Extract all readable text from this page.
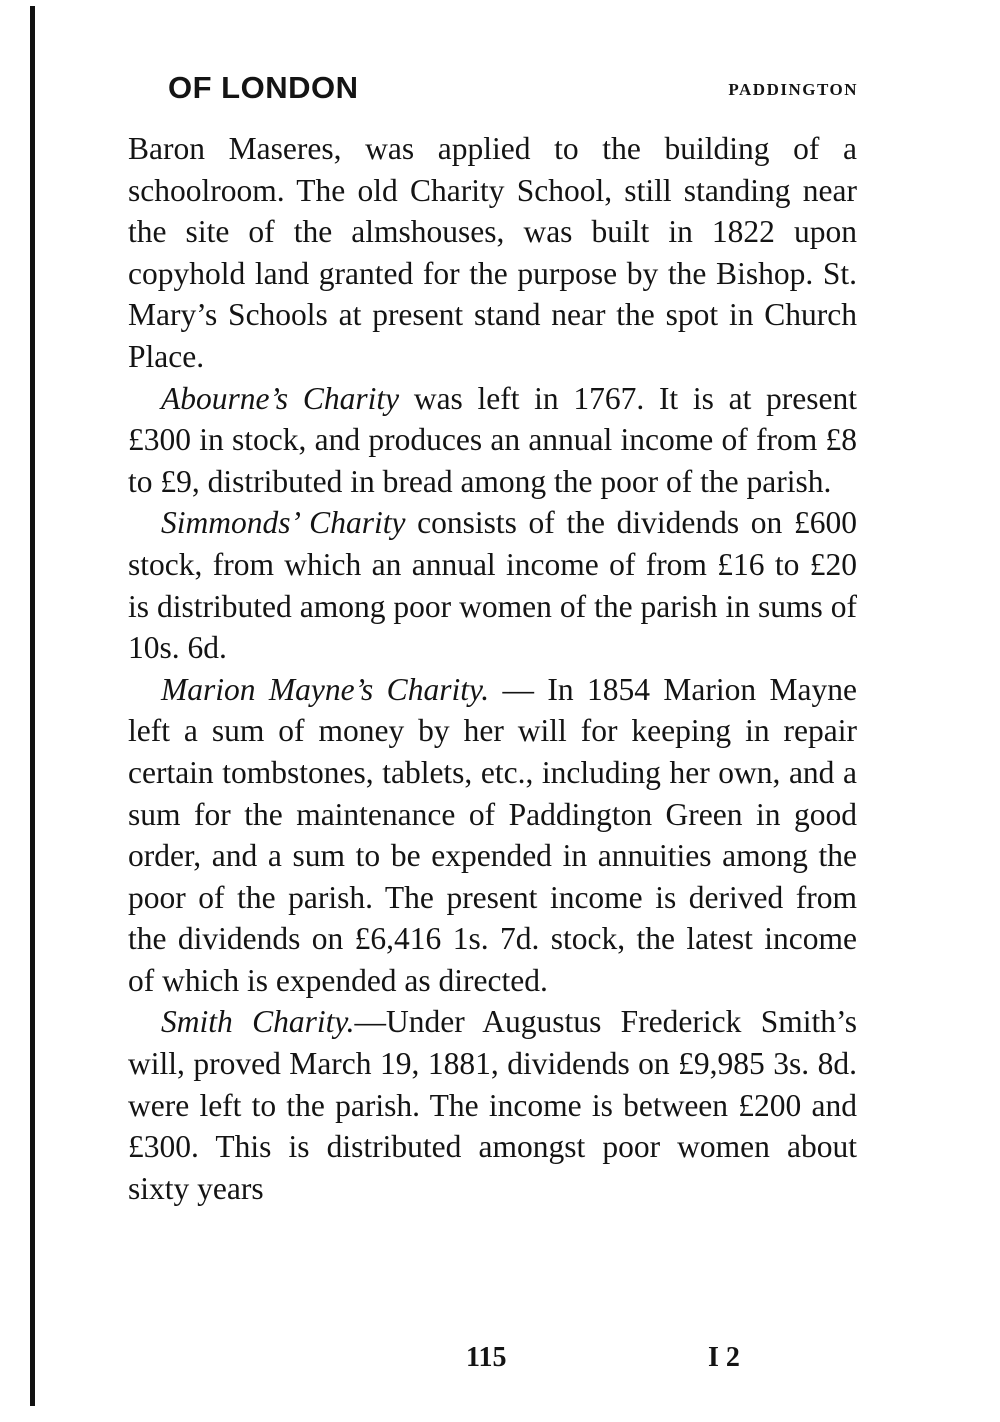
OF LONDON	PADDINGTON

Baron Maseres, was applied to the building of a schoolroom. The old Charity School, still standing near the site of the almshouses, was built in 1822 upon copyhold land granted for the purpose by the Bishop. St. Mary’s Schools at present stand near the spot in Church Place.

Abourne’s Charity was left in 1767. It is at present £300 in stock, and produces an annual income of from £8 to £9, distributed in bread among the poor of the parish.

Simmonds’ Charity consists of the dividends on £600 stock, from which an annual income of from £16 to £20 is distributed among poor women of the parish in sums of 10s. 6d.

Marion Mayne’s Charity. — In 1854 Marion Mayne left a sum of money by her will for keeping in repair certain tombstones, tablets, etc., including her own, and a sum for the maintenance of Paddington Green in good order, and a sum to be expended in annuities among the poor of the parish. The present income is derived from the dividends on £6,416 1s. 7d. stock, the latest income of which is expended as directed.

Smith Charity.—Under Augustus Frederick Smith’s will, proved March 19, 1881, dividends on £9,985 3s. 8d. were left to the parish. The income is between £200 and £300. This is distributed amongst poor women about sixty years

115	I 2
